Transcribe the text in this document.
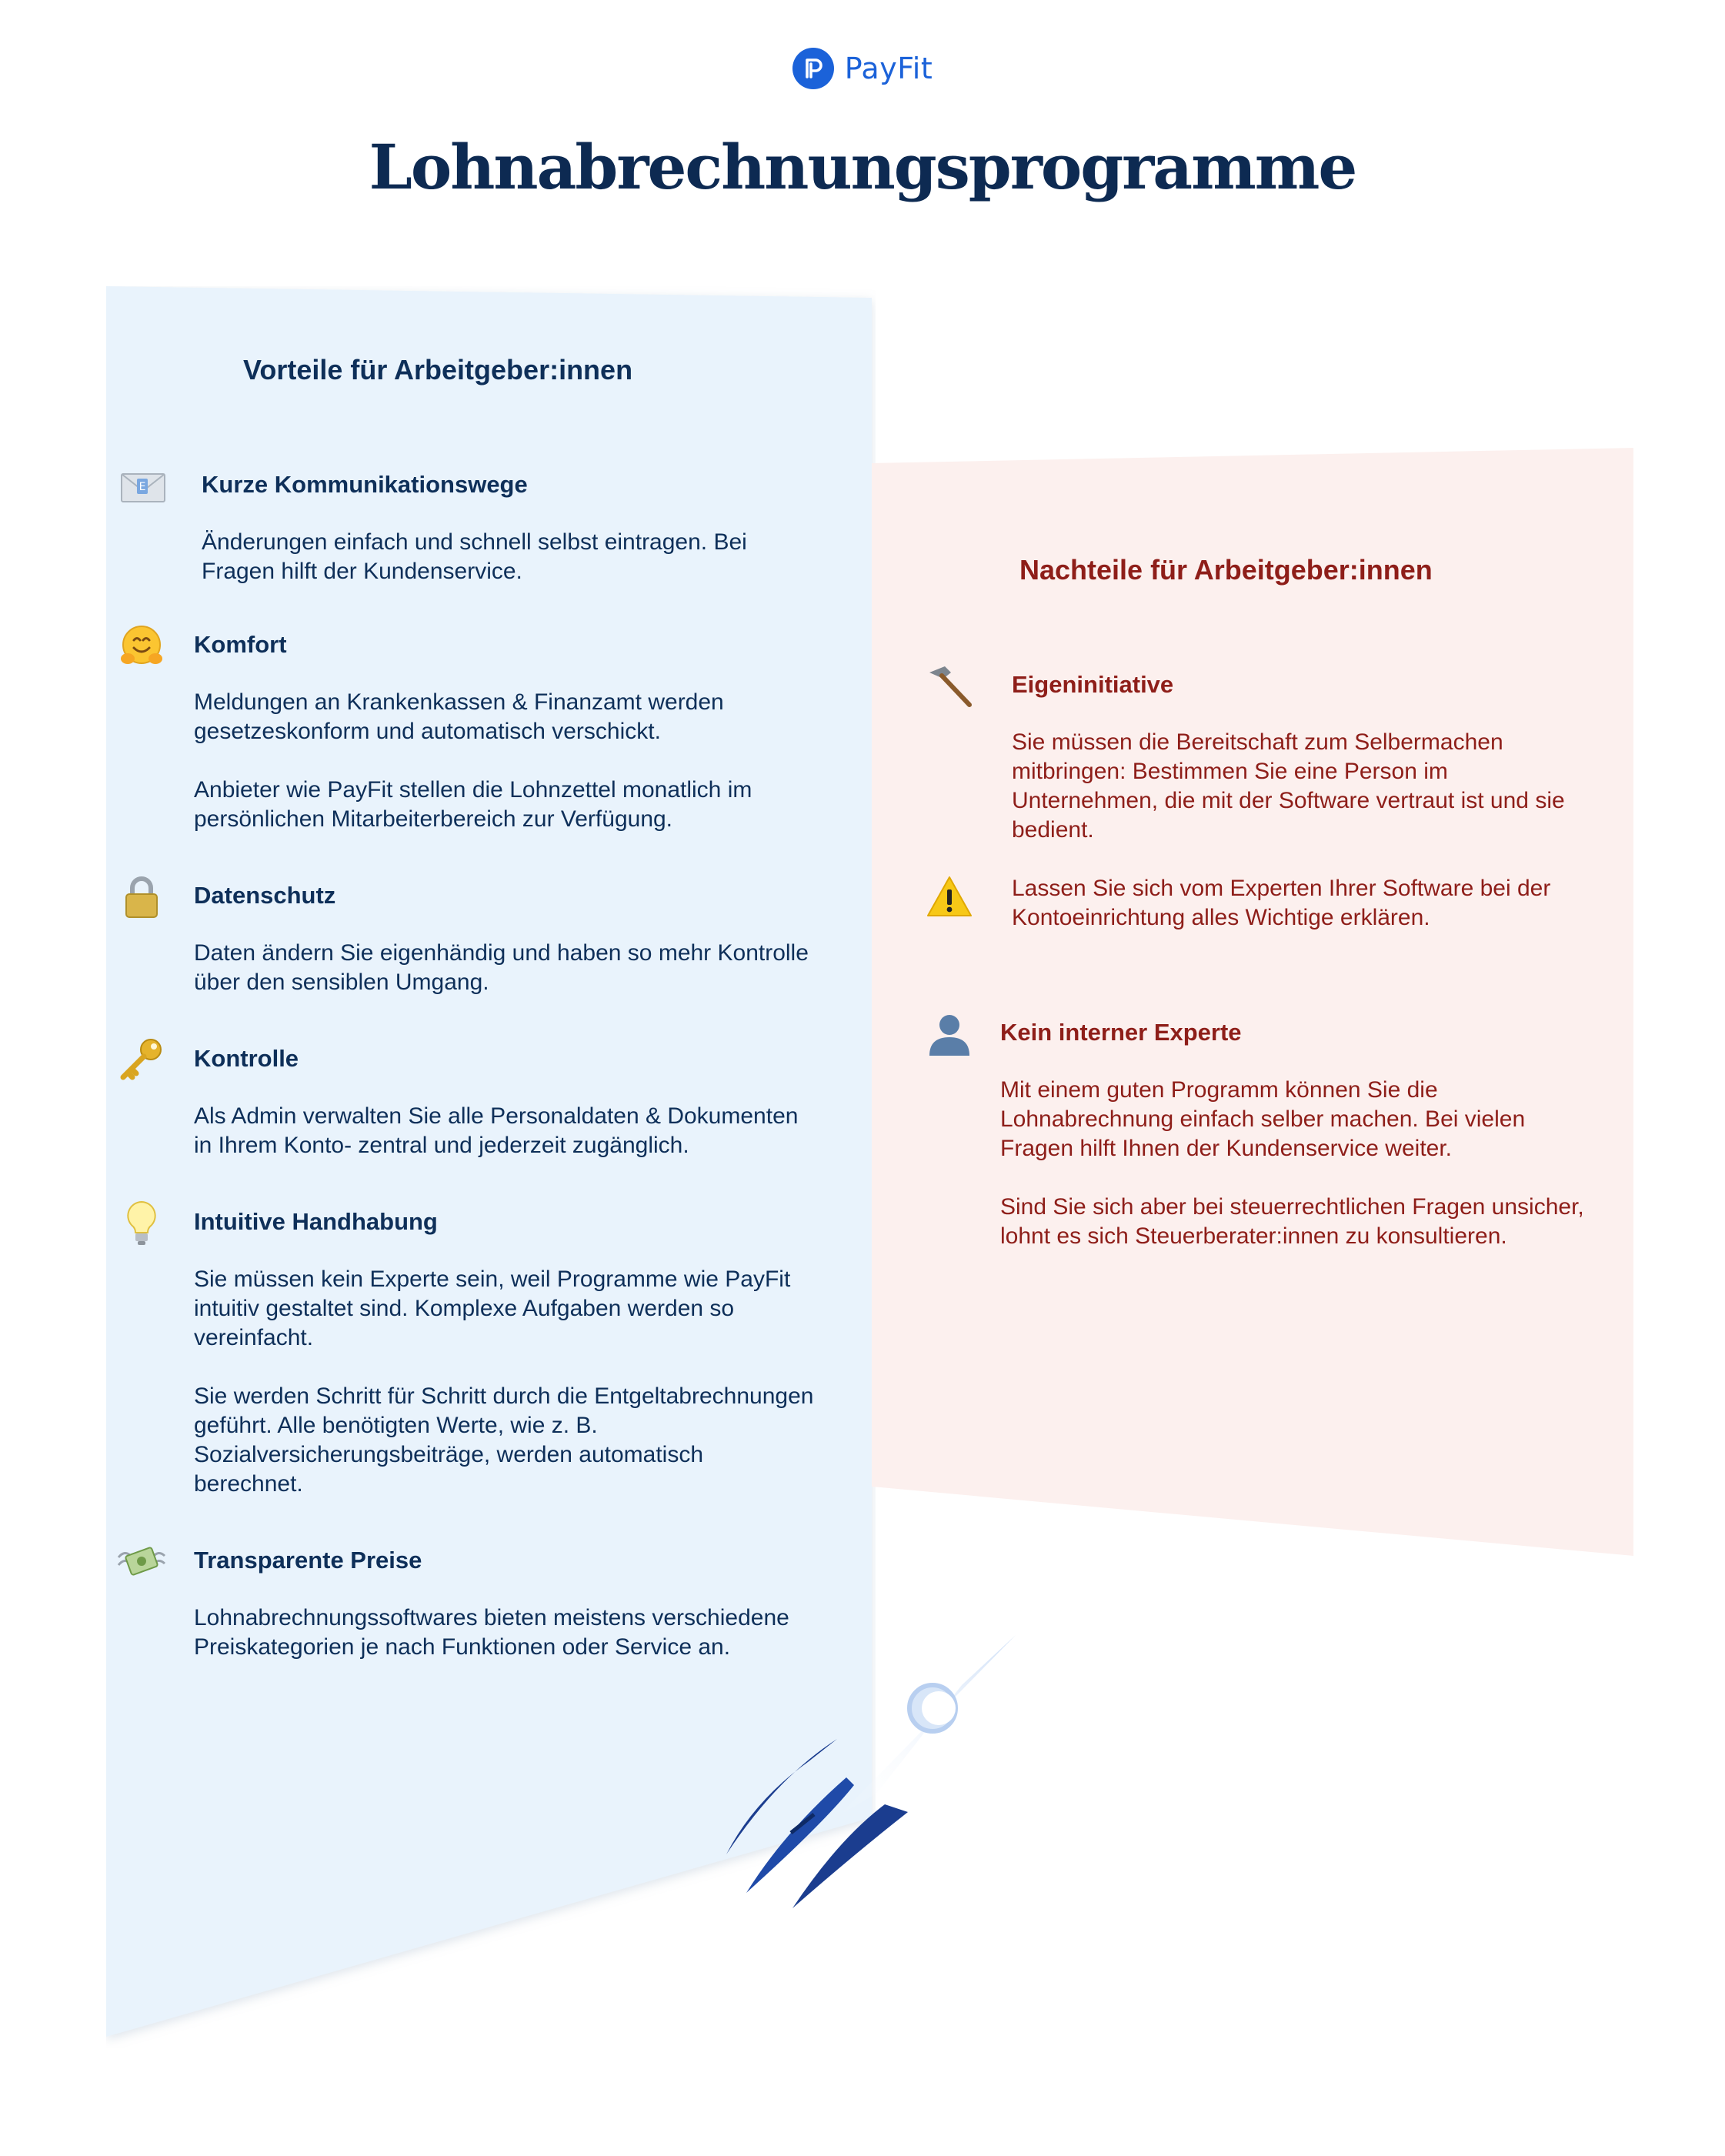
PayFit
Lohnabrechnungsprogramme
Vorteile für Arbeitgeber:innen
E Kurze Kommunikationswege

Änderungen einfach und schnell selbst eintragen. Bei Fragen hilft der Kundenservice.

Komfort

Meldungen an Krankenkassen & Finanzamt werden gesetzeskonform und automatisch verschickt.

Anbieter wie PayFit stellen die Lohnzettel monatlich im persönlichen Mitarbeiterbereich zur Verfügung.

Datenschutz

Daten ändern Sie eigenhändig und haben so mehr Kontrolle über den sensiblen Umgang.

Kontrolle

Als Admin verwalten Sie alle Personaldaten & Dokumenten in Ihrem Konto- zentral und jederzeit zugänglich.

Intuitive Handhabung

Sie müssen kein Experte sein, weil Programme wie PayFit intuitiv gestaltet sind. Komplexe Aufgaben werden so vereinfacht.

Sie werden Schritt für Schritt durch die Entgeltabrechnungen geführt. Alle benötigten Werte, wie z. B. Sozialversicherungsbeiträge, werden automatisch berechnet.

Transparente Preise

Lohnabrechnungssoftwares bieten meistens verschiedene Preiskategorien je nach Funktionen oder Service an.

Nachteile für Arbeitgeber:innen
Eigeninitiative

Sie müssen die Bereitschaft zum Selbermachen mitbringen: Bestimmen Sie eine Person im Unternehmen, die mit der Software vertraut ist und sie bedient.

Lassen Sie sich vom Experten Ihrer Software bei der Kontoeinrichtung alles Wichtige erklären.

Kein interner Experte

Mit einem guten Programm können Sie die Lohnabrechnung einfach selber machen. Bei vielen Fragen hilft Ihnen der Kundenservice weiter.

Sind Sie sich aber bei steuerrechtlichen Fragen unsicher, lohnt es sich Steuerberater:innen zu konsultieren.
